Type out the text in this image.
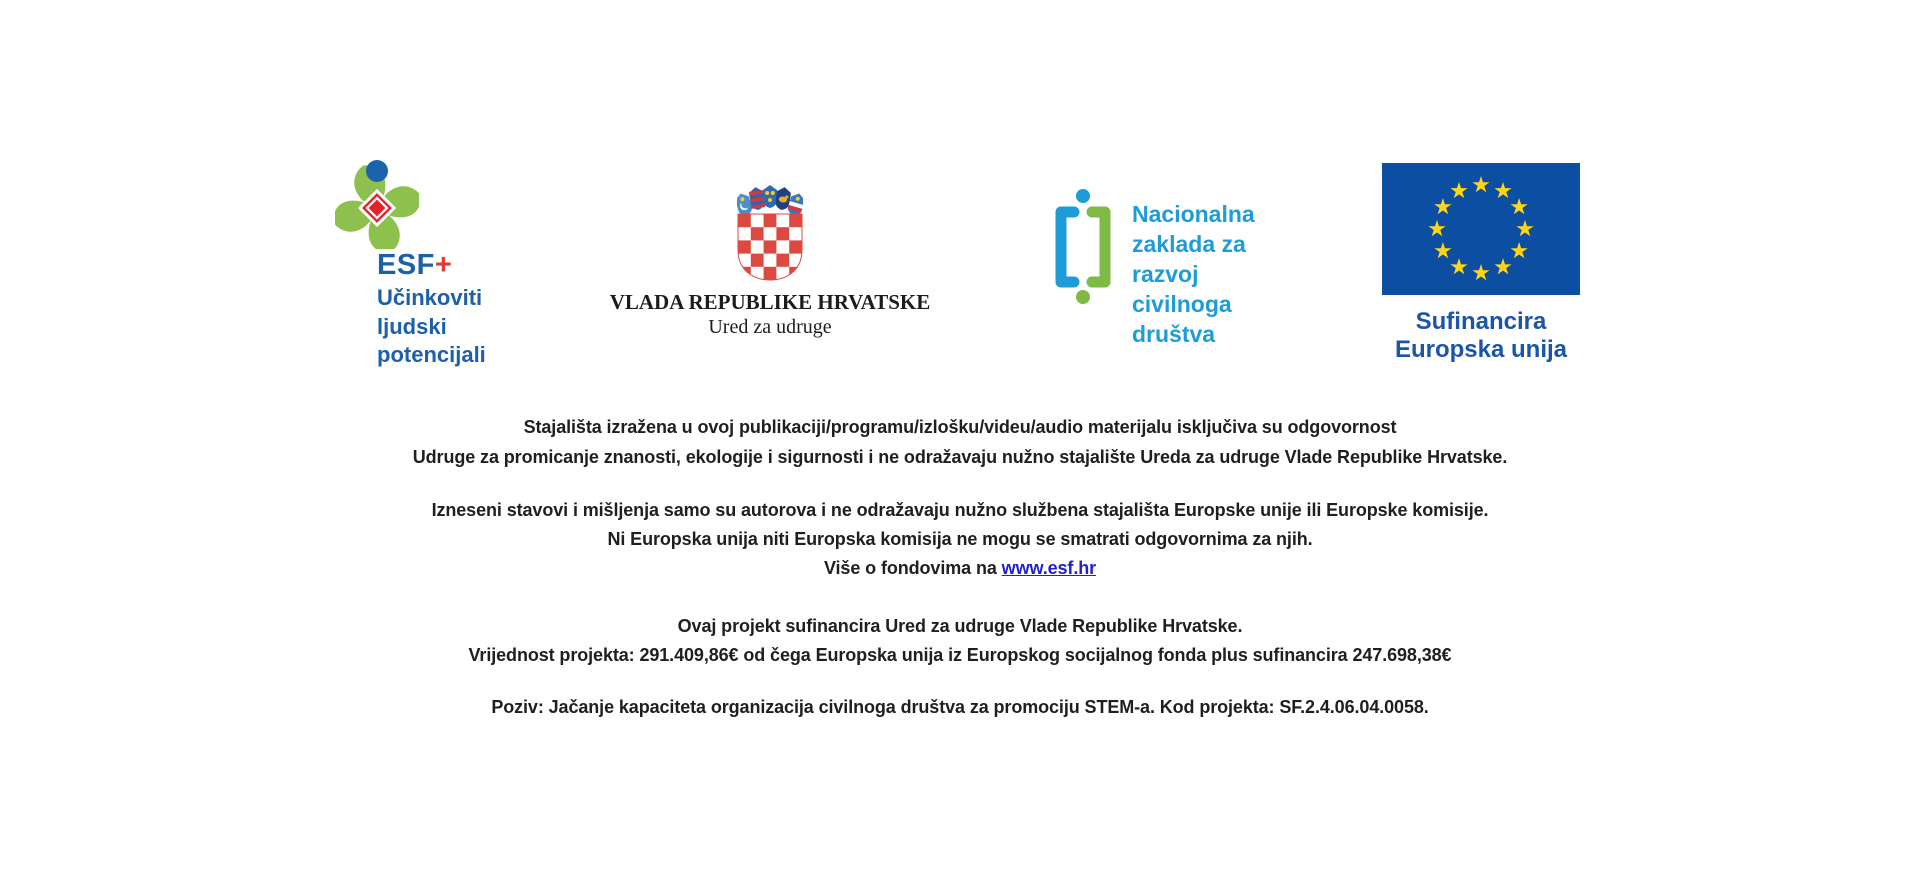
ESF+
Učinkoviti
ljudski
potencijali
VLADA REPUBLIKE HRVATSKE
Ured za udruge
Nacionalna
zaklada za
razvoj
civilnoga
društva	Sufinancira
Europska unija
Stajališta izražena u ovoj publikaciji/programu/izlošku/videu/audio materijalu isključiva su odgovornost
Udruge za promicanje znanosti, ekologije i sigurnosti i ne odražavaju nužno stajalište Ureda za udruge Vlade Republike Hrvatske.
Izneseni stavovi i mišljenja samo su autorova i ne odražavaju nužno službena stajališta Europske unije ili Europske komisije.
Ni Europska unija niti Europska komisija ne mogu se smatrati odgovornima za njih.
Više o fondovima na www.esf.hr
Ovaj projekt sufinancira Ured za udruge Vlade Republike Hrvatske.
Vrijednost projekta: 291.409,86€ od čega Europska unija iz Europskog socijalnog fonda plus sufinancira 247.698,38€
Poziv: Jačanje kapaciteta organizacija civilnoga društva za promociju STEM-a. Kod projekta: SF.2.4.06.04.0058.
